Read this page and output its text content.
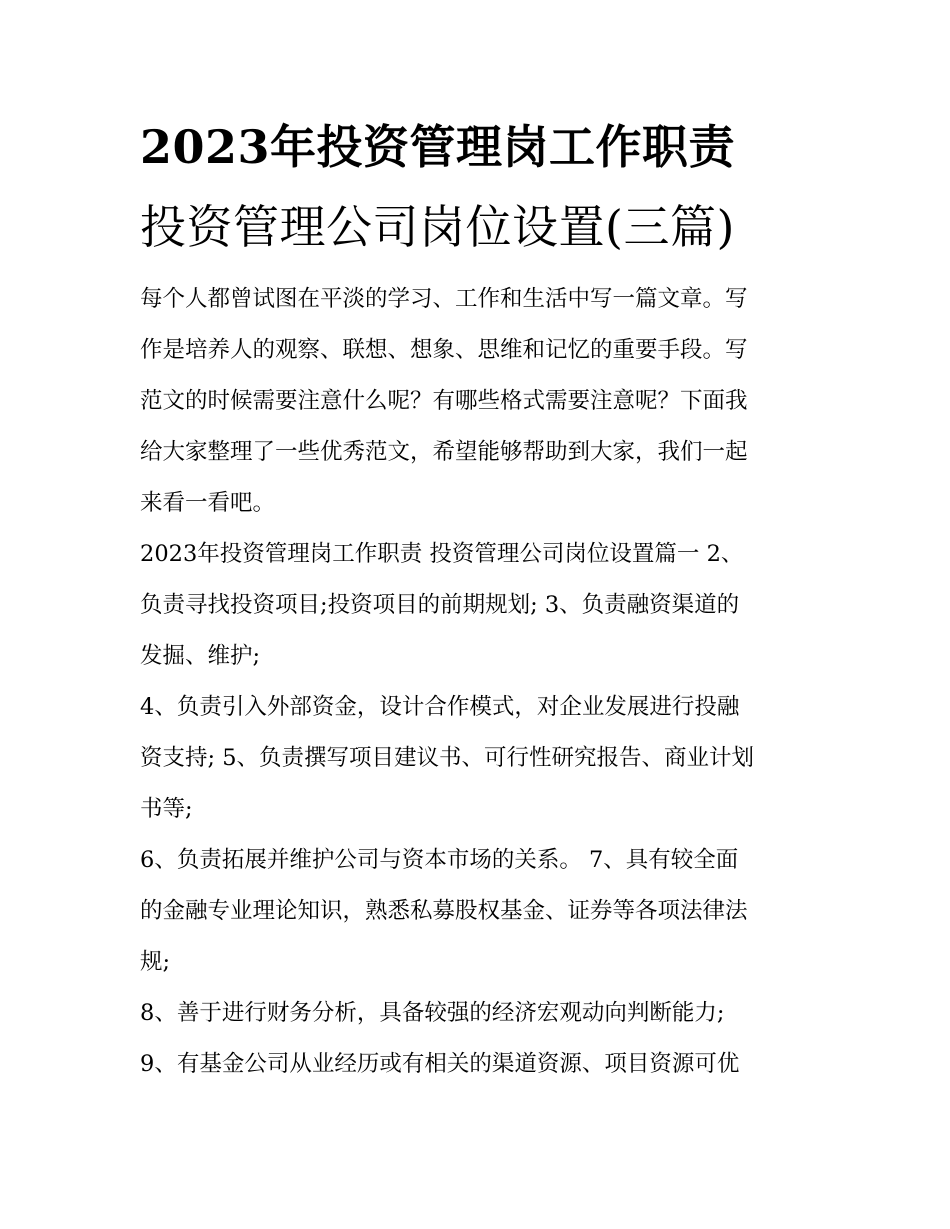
2023年投资管理岗工作职责
投资管理公司岗位设置(三篇)
每个人都曾试图在平淡的学习、工作和生活中写一篇文章。写
作是培养人的观察、联想、想象、思维和记忆的重要手段。写
范文的时候需要注意什么呢？有哪些格式需要注意呢？下面我
给大家整理了一些优秀范文，希望能够帮助到大家，我们一起
来看一看吧。
2023年投资管理岗工作职责 投资管理公司岗位设置篇一 2、
负责寻找投资项目;投资项目的前期规划; 3、负责融资渠道的
发掘、维护;
4、负责引入外部资金，设计合作模式，对企业发展进行投融
资支持; 5、负责撰写项目建议书、可行性研究报告、商业计划
书等;
6、负责拓展并维护公司与资本市场的关系。 7、具有较全面
的金融专业理论知识，熟悉私募股权基金、证券等各项法律法
规;
8、善于进行财务分析，具备较强的经济宏观动向判断能力;
9、有基金公司从业经历或有相关的渠道资源、项目资源可优
